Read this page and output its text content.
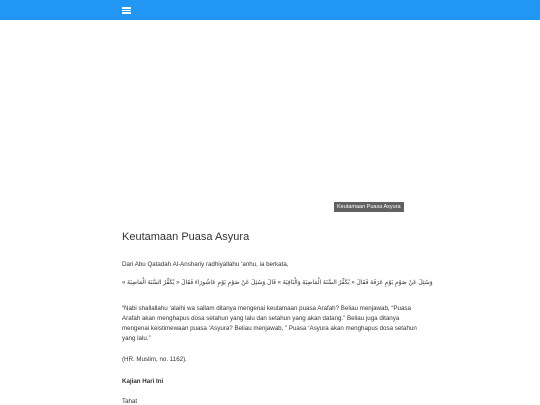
Keutamaan Puasa Asyura
Keutamaan Puasa Asyura

Dari Abu Qatadah Al-Anshariy radhiyallahu ‘anhu, ia berkata,

وَسُئِلَ عَنْ صَوْمِ يَوْمِ عَرَفَةَ فَقَالَ « يُكَفِّرُ السَّنَةَ الْمَاضِيَةَ وَالْبَاقِيَةَ » قَالَ وَسُئِلَ عَنْ صَوْمِ يَوْمِ عَاشُورَاءَ فَقَالَ « يُكَفِّرُ السَّنَةَ الْمَاضِيَةَ »

“Nabi shallallahu ‘alaihi wa sallam ditanya mengenai keutamaan puasa Arafah? Beliau menjawab, “Puasa Arafah akan menghapus dosa setahun yang lalu dan setahun yang akan datang.” Beliau juga ditanya mengenai keistimewaan puasa ‘Asyura? Beliau menjawab, ” Puasa ‘Asyura akan menghapus dosa setahun yang lalu.”

(HR. Muslim, no. 1162).

Kajian Hari Ini

Tahat
